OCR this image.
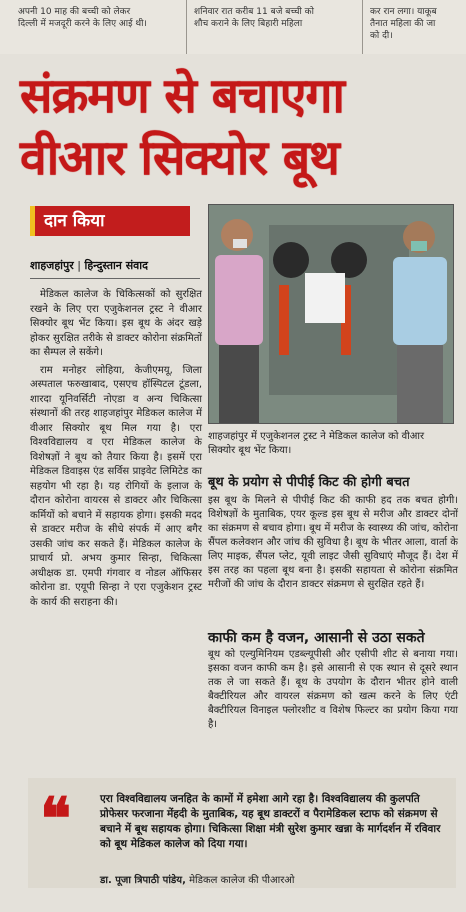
अपनी 10 माह की बच्ची को लेकर
दिल्ली में मजदूरी करने के लिए आई थी।
शनिवार रात करीब 11 बजे बच्ची को
शौच कराने के लिए बिहारी महिला
कर रान लगा। याकूब
तैनात महिला की जा
को दी।
संक्रमण से बचाएगा
वीआर सिक्योर बूथ
दान किया
शाहजहांपुर | हिन्दुस्तान संवाद

मेडिकल कालेज के चिकित्सकों को सुरक्षित रखने के लिए एरा एजुकेशनल ट्रस्ट ने वीआर सिक्योर बूथ भेंट किया। इस बूथ के अंदर खड़े होकर सुरक्षित तरीके से डाक्टर कोरोना संक्रमितों का सैम्पल ले सकेंगे।

राम मनोहर लोहिया, केजीएमयू, जिला अस्पताल फरुखाबाद, एसएच हॉस्पिटल टूंडला, शारदा यूनिवर्सिटी नोएडा व अन्य चिकित्सा संस्थानों की तरह शाहजहांपुर मेडिकल कालेज में वीआर सिक्योर बूथ मिल गया है। एरा विश्वविद्यालय व एरा मेडिकल कालेज के विशेषज्ञों ने बूथ को तैयार किया है। इसमें एरा मेडिकल डिवाइस एंड सर्विस प्राइवेट लिमिटेड का सहयोग भी रहा है। यह रोगियों के इलाज के दौरान कोरोना वायरस से डाक्टर और चिकित्सा कर्मियों को बचाने में सहायक होगा। इसकी मदद से डाक्टर मरीज के सीधे संपर्क में आए बगैर उसकी जांच कर सकते हैं। मेडिकल कालेज के प्राचार्य प्रो. अभय कुमार सिन्हा, चिकित्सा अधीक्षक डा. एमपी गंगवार व नोडल ऑफिसर कोरोना डा. एयूपी सिन्हा ने एरा एजुकेशन ट्रस्ट के कार्य की सराहना की।

शाहजहांपुर में एजुकेशनल ट्रस्ट ने मेडिकल कालेज को वीआर सिक्योर बूथ भेंट किया।
बूथ के प्रयोग से पीपीई किट की होगी बचत
इस बूथ के मिलने से पीपीई किट की काफी हद तक बचत होगी। विशेषज्ञों के मुताबिक, एयर कूल्ड इस बूथ से मरीज और डाक्टर दोनों का संक्रमण से बचाव होगा। बूथ में मरीज के स्वास्थ्य की जांच, कोरोना सैंपल कलेक्शन और जांच की सुविधा है। बूथ के भीतर आला, वार्ता के लिए माइक, सैंपल प्लेट, यूवी लाइट जैसी सुविधाएं मौजूद हैं। देश में इस तरह का पहला बूथ बना है। इसकी सहायता से कोरोना संक्रमित मरीजों की जांच के दौरान डाक्टर संक्रमण से सुरक्षित रहते हैं।
काफी कम है वजन, आसानी से उठा सकते
बूथ को एल्युमिनियम एडब्ल्यूपीसी और एसीपी शीट से बनाया गया। इसका वजन काफी कम है। इसे आसानी से एक स्थान से दूसरे स्थान तक ले जा सकते हैं। बूथ के उपयोग के दौरान भीतर होने वाली बैक्टीरियल और वायरल संक्रमण को खत्म करने के लिए एंटी बैक्टीरियल विनाइल फ्लोरशीट व विशेष फिल्टर का प्रयोग किया गया है।
❝	एरा विश्वविद्यालय जनहित के कामों में हमेशा आगे रहा है। विश्वविद्यालय की कुलपति प्रोफेसर फरजाना मेंहदी के मुताबिक, यह बूथ डाक्टरों व पैरामेडिकल स्टाफ को संक्रमण से बचाने में बूथ सहायक होगा। चिकित्सा शिक्षा मंत्री सुरेश कुमार खन्ना के मार्गदर्शन में रविवार को बूथ मेडिकल कालेज को दिया गया।
डा. पूजा त्रिपाठी पांडेय, मेडिकल कालेज की पीआरओ
